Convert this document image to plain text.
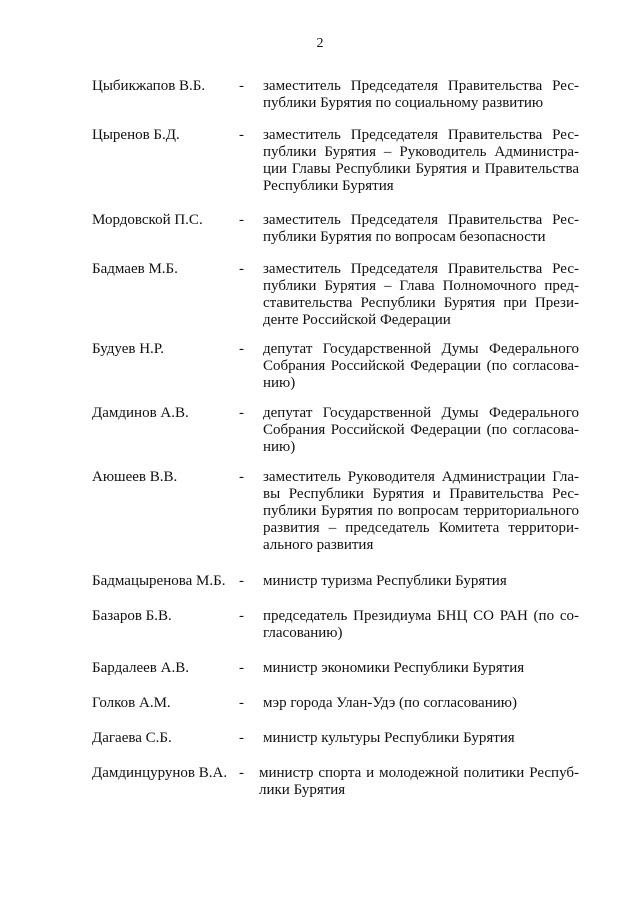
2
Цыбикжапов В.Б. - заместитель Председателя Правительства Рес-
публики Бурятия по социальному развитию
Цыренов Б.Д.	- заместитель Председателя Правительства Рес-
публики Бурятия – Руководитель Администра-
ции Главы Республики Бурятия и Правительства
Республики Бурятия
Мордовской П.С. - заместитель Председателя Правительства Рес-
публики Бурятия по вопросам безопасности
Бадмаев М.Б.	- заместитель Председателя Правительства Рес-
публики Бурятия – Глава Полномочного пред-
ставительства Республики Бурятия при Прези-
денте Российской Федерации
Будуев Н.Р.	- депутат Государственной Думы Федерального
Собрания Российской Федерации (по согласова-
нию)
Дамдинов А.В.	- депутат Государственной Думы Федерального
Собрания Российской Федерации (по согласова-
нию)
Аюшеев В.В.	- заместитель Руководителя Администрации Гла-
вы Республики Бурятия и Правительства Рес-
публики Бурятия по вопросам территориального
развития – председатель Комитета территори-
ального развития
Бадмацыренова М.Б. - министр туризма Республики Бурятия
Базаров Б.В.	- председатель Президиума БНЦ СО РАН (по со-
гласованию)
Бардалеев А.В.	- министр экономики Республики Бурятия
Голков А.М.	- мэр города Улан-Удэ (по согласованию)
Дагаева С.Б.	- министр культуры Республики Бурятия
Дамдинцурунов В.А. - министр спорта и молодежной политики Респуб-
лики Бурятия
